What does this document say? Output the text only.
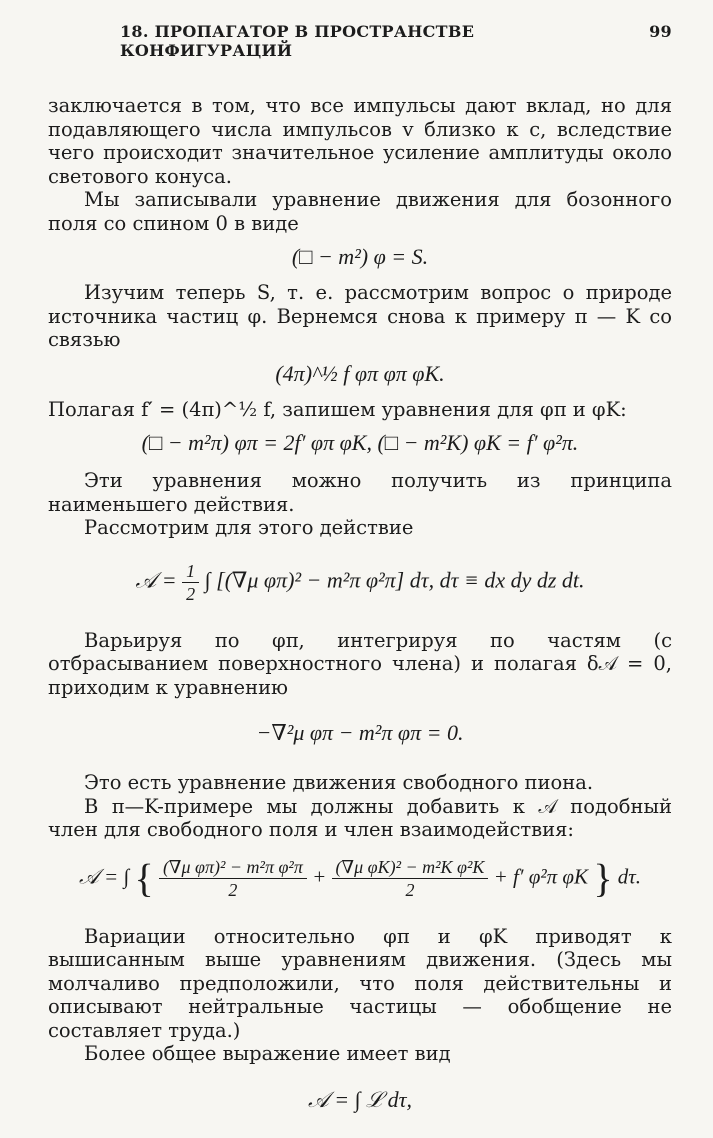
18. ПРОПАГАТОР В ПРОСТРАНСТВЕ КОНФИГУРАЦИЙ
99

заключается в том, что все импульсы дают вклад, но для подавляющего числа импульсов v близко к c, вследствие чего происходит значительное усиление амплитуды около светового конуса.

Мы записывали уравнение движения для бозонного поля со спином 0 в виде

(□ − m²) φ = S.

Изучим теперь S, т. е. рассмотрим вопрос о природе источника частиц φ. Вернемся снова к примеру π — K со связью

(4π)^½ f φπ φπ φK.

Полагая f′ = (4π)^½ f, запишем уравнения для φπ и φK:

(□ − m²π) φπ = 2f′ φπ φK, (□ − m²K) φK = f′ φ²π.

Эти уравнения можно получить из принципа наименьшего действия.

Рассмотрим для этого действие

𝒜 = $\frac{1}{2}$ ∫ [(∇μ φπ)² − m²π φ²π] dτ, dτ ≡ dx dy dz dt.

Варьируя по φπ, интегрируя по частям (с отбрасыванием поверхностного члена) и полагая δ𝒜 = 0, приходим к уравнению

−∇²μ φπ − m²π φπ = 0.

Это есть уравнение движения свободного пиона.

В π—K-примере мы должны добавить к 𝒜 подобный член для свободного поля и член взаимодействия:

𝒜 = ∫ { $\frac{\text{(∇μ φπ)² − m²π φ²π}}{2} + \frac{\text{(∇μ φK)² − m²K φ²K}}{2} + f'$ φ²π φK } dτ.

Вариации относительно φπ и φK приводят к вышисанным выше уравнениям движения. (Здесь мы молчаливо предположили, что поля действительны и описывают нейтральные частицы — обобщение не составляет труда.)

Более общее выражение имеет вид

𝒜 = ∫ ℒ dτ,
